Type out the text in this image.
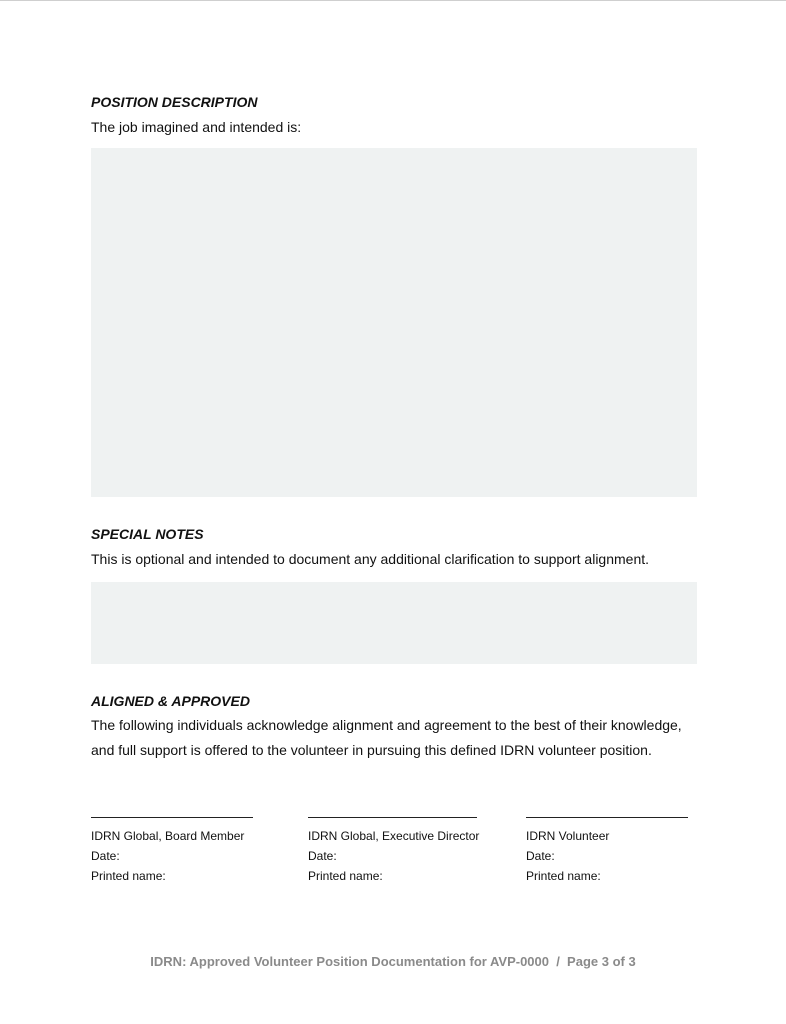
POSITION DESCRIPTION
The job imagined and intended is:
SPECIAL NOTES
This is optional and intended to document any additional clarification to support alignment.
ALIGNED & APPROVED
The following individuals acknowledge alignment and agreement to the best of their knowledge,
and full support is offered to the volunteer in pursuing this defined IDRN volunteer position.
IDRN Global, Board Member
Date:
Printed name:
IDRN Global, Executive Director
Date:
Printed name:
IDRN Volunteer
Date:
Printed name:
IDRN: Approved Volunteer Position Documentation for AVP-0000  /  Page 3 of 3
